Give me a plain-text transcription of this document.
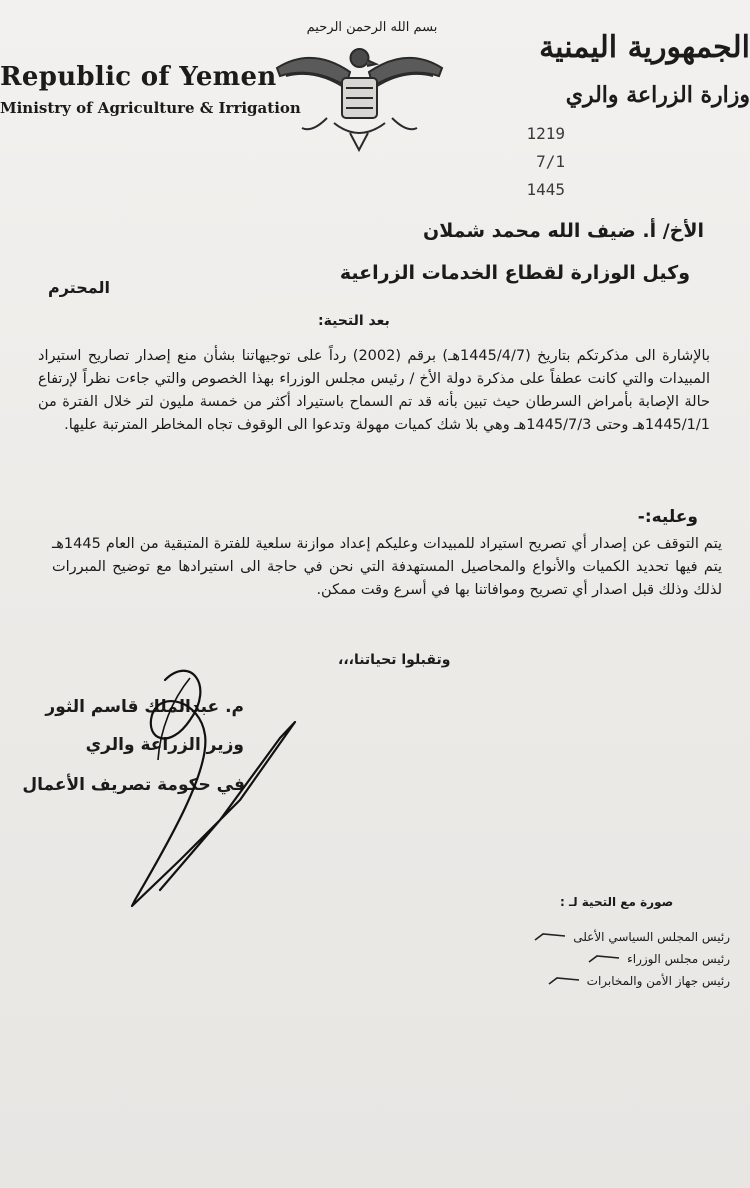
بسم الله الرحمن الرحيم
Republic of Yemen
Ministry of Agriculture & Irrigation
الجمهورية اليمنية
وزارة الزراعة والري
1219
7/1
1445
الأخ/ أ. ضيف الله محمد شملان
وكيل الوزارة لقطاع الخدمات الزراعية
المحترم
بعد التحية:

بالإشارة الى مذكرتكم بتاريخ (1445/4/7هـ) برقم (2002) رداً على توجيهاتنا بشأن منع إصدار تصاريح استيراد المبيدات والتي كانت عطفاً على مذكرة دولة الأخ / رئيس مجلس الوزراء بهذا الخصوص والتي جاءت نظراً لإرتفاع حالة الإصابة بأمراض السرطان حيث تبين بأنه قد تم السماح باستيراد أكثر من خمسة مليون لتر خلال الفترة من 1445/1/1هـ وحتى 1445/7/3هـ وهي بلا شك كميات مهولة وتدعوا الى الوقوف تجاه المخاطر المترتبة عليها.

وعليه:-

يتم التوقف عن إصدار أي تصريح استيراد للمبيدات وعليكم إعداد موازنة سلعية للفترة المتبقية من العام 1445هـ يتم فيها تحديد الكميات والأنواع والمحاصيل المستهدفة التي نحن في حاجة الى استيرادها مع توضيح المبررات لذلك وذلك قبل اصدار أي تصريح وموافاتنا بها في أسرع وقت ممكن.

وتقبلوا تحياتنا،،،
م. عبدالملك قاسم الثور
وزير الزراعة والري
في حكومة تصريف الأعمال
صورة مع التحية لـ :
رئيس المجلس السياسي الأعلى
رئيس مجلس الوزراء
رئيس جهاز الأمن والمخابرات
